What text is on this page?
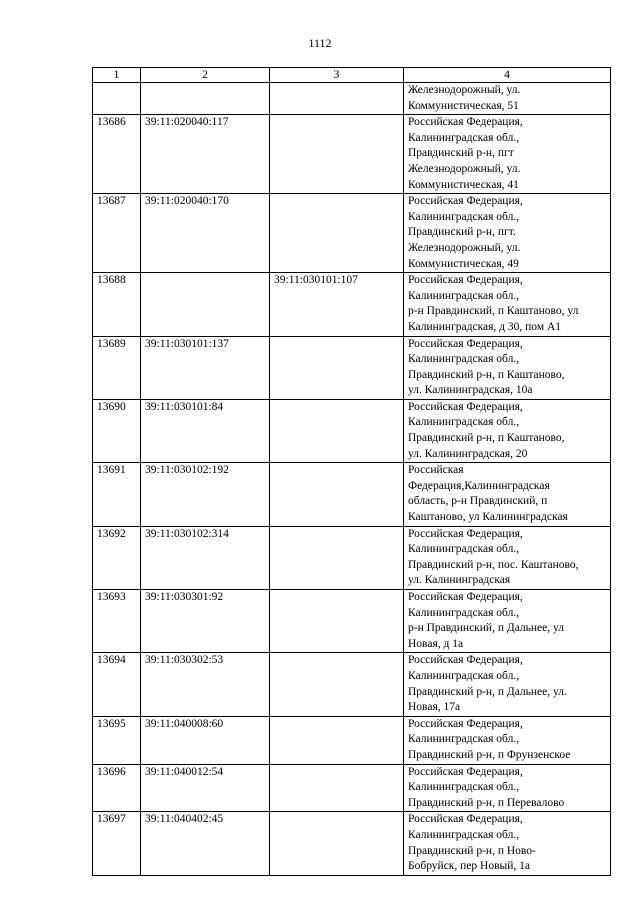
1112
1	2	3	4
			Железнодорожный, ул.
Коммунистическая, 51
13686	39:11:020040:117		Российская Федерация,
Калининградская обл.,
Правдинский р-н, пгт
Железнодорожный, ул.
Коммунистическая, 41
13687	39:11:020040:170		Российская Федерация,
Калининградская обл.,
Правдинский р-н, пгт.
Железнодорожный, ул.
Коммунистическая, 49
13688		39:11:030101:107	Российская Федерация,
Калининградская обл.,
р-н Правдинский, п Каштаново, ул
Калининградская, д 30, пом А1
13689	39:11:030101:137		Российская Федерация,
Калининградская обл.,
Правдинский р-н, п Каштаново,
ул. Калининградская, 10а
13690	39:11:030101:84		Российская Федерация,
Калининградская обл.,
Правдинский р-н, п Каштаново,
ул. Калининградская, 20
13691	39:11:030102:192		Российская
Федерация,Калининградская
область, р-н Правдинский, п
Каштаново, ул Калининградская
13692	39:11:030102:314		Российская Федерация,
Калининградская обл.,
Правдинский р-н, пос. Каштаново,
ул. Калининградская
13693	39:11:030301:92		Российская Федерация,
Калининградская обл.,
р-н Правдинский, п Дальнее, ул
Новая, д 1а
13694	39:11:030302:53		Российская Федерация,
Калининградская обл.,
Правдинский р-н, п Дальнее, ул.
Новая, 17а
13695	39:11:040008:60		Российская Федерация,
Калининградская обл.,
Правдинский р-н, п Фрунзенское
13696	39:11:040012:54		Российская Федерация,
Калининградская обл.,
Правдинский р-н, п Перевалово
13697	39:11:040402:45		Российская Федерация,
Калининградская обл.,
Правдинский р-н, п Ново-
Бобруйск, пер Новый, 1а
